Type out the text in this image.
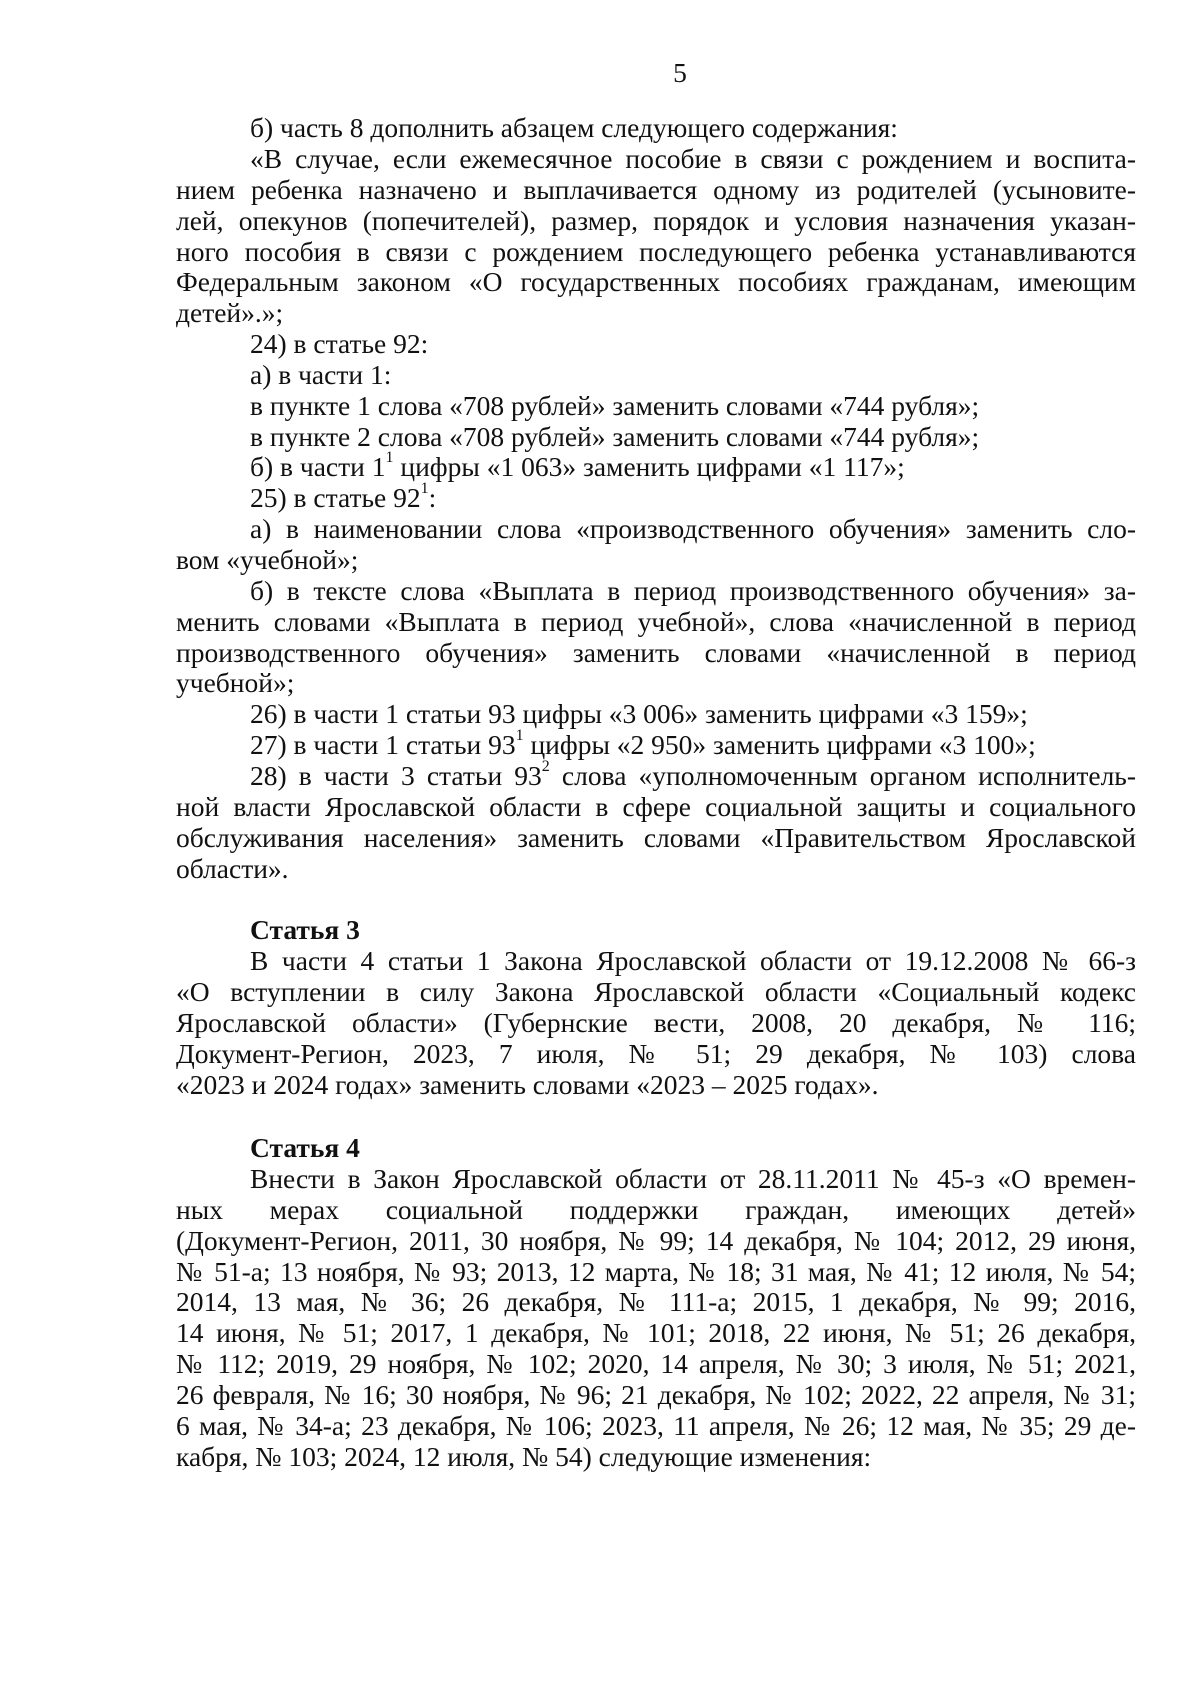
5
б) часть 8 дополнить абзацем следующего содержания:
«В случае, если ежемесячное пособие в связи с рождением и воспита-
нием ребенка назначено и выплачивается одному из родителей (усыновите-
лей, опекунов (попечителей), размер, порядок и условия назначения указан-
ного пособия в связи с рождением последующего ребенка устанавливаются
Федеральным законом «О государственных пособиях гражданам, имеющим
детей».»;
24) в статье 92:
а) в части 1:
в пункте 1 слова «708 рублей» заменить словами «744 рубля»;
в пункте 2 слова «708 рублей» заменить словами «744 рубля»;
б) в части $1^1$ цифры «1 063» заменить цифрами «1 117»;
25) в статье $92^1$:
а) в наименовании слова «производственного обучения» заменить сло-
вом «учебной»;
б) в тексте слова «Выплата в период производственного обучения» за-
менить словами «Выплата в период учебной», слова «начисленной в период
производственного обучения» заменить словами «начисленной в период
учебной»;
26) в части 1 статьи 93 цифры «3 006» заменить цифрами «3 159»;
27) в части 1 статьи $93^1$ цифры «2 950» заменить цифрами «3 100»;
28) в части 3 статьи $93^2$ слова «уполномоченным органом исполнитель-
ной власти Ярославской области в сфере социальной защиты и социального
обслуживания населения» заменить словами «Правительством Ярославской
области».
Статья 3
В части 4 статьи 1 Закона Ярославской области от 19.12.2008 № 66-з
«О вступлении в силу Закона Ярославской области «Социальный кодекс
Ярославской области» (Губернские вести, 2008, 20 декабря, № 116;
Документ-Регион, 2023, 7 июля, № 51; 29 декабря, № 103) слова
«2023 и 2024 годах» заменить словами «2023 – 2025 годах».
Статья 4
Внести в Закон Ярославской области от 28.11.2011 № 45-з «О времен-
ных мерах социальной поддержки граждан, имеющих детей»
(Документ-Регион, 2011, 30 ноября, № 99; 14 декабря, № 104; 2012, 29 июня,
№ 51-а; 13 ноября, № 93; 2013, 12 марта, № 18; 31 мая, № 41; 12 июля, № 54;
2014, 13 мая, № 36; 26 декабря, № 111-а; 2015, 1 декабря, № 99; 2016,
14 июня, № 51; 2017, 1 декабря, № 101; 2018, 22 июня, № 51; 26 декабря,
№ 112; 2019, 29 ноября, № 102; 2020, 14 апреля, № 30; 3 июля, № 51; 2021,
26 февраля, № 16; 30 ноября, № 96; 21 декабря, № 102; 2022, 22 апреля, № 31;
6 мая, № 34-а; 23 декабря, № 106; 2023, 11 апреля, № 26; 12 мая, № 35; 29 де-
кабря, № 103; 2024, 12 июля, № 54) следующие изменения:
